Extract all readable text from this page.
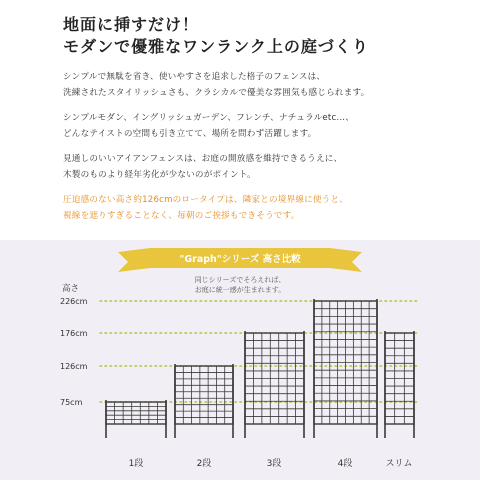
地面に挿すだけ！
モダンで優雅なワンランク上の庭づくり
シンプルで無駄を省き、使いやすさを追求した格子のフェンスは、
洗練されたスタイリッシュさも、クラシカルで優美な雰囲気も感じられます。
シンプルモダン、イングリッシュガーデン、フレンチ、ナチュラルetc...、
どんなテイストの空間も引き立てて、場所を問わず活躍します。
見通しのいいアイアンフェンスは、お庭の開放感を維持できるうえに、
木製のものより経年劣化が少ないのがポイント。
圧迫感のない高さ約126cmのロータイプは、隣家との境界線に使うと、
視線を遮りすぎることなく、毎朝のご挨拶もできそうです。
"Graph"シリーズ 高さ比較
同じシリーズでそろえれば、
お庭に統一感が生まれます。
高さ
226cm
176cm
126cm
75cm
1段	2段	3段	4段	スリム
